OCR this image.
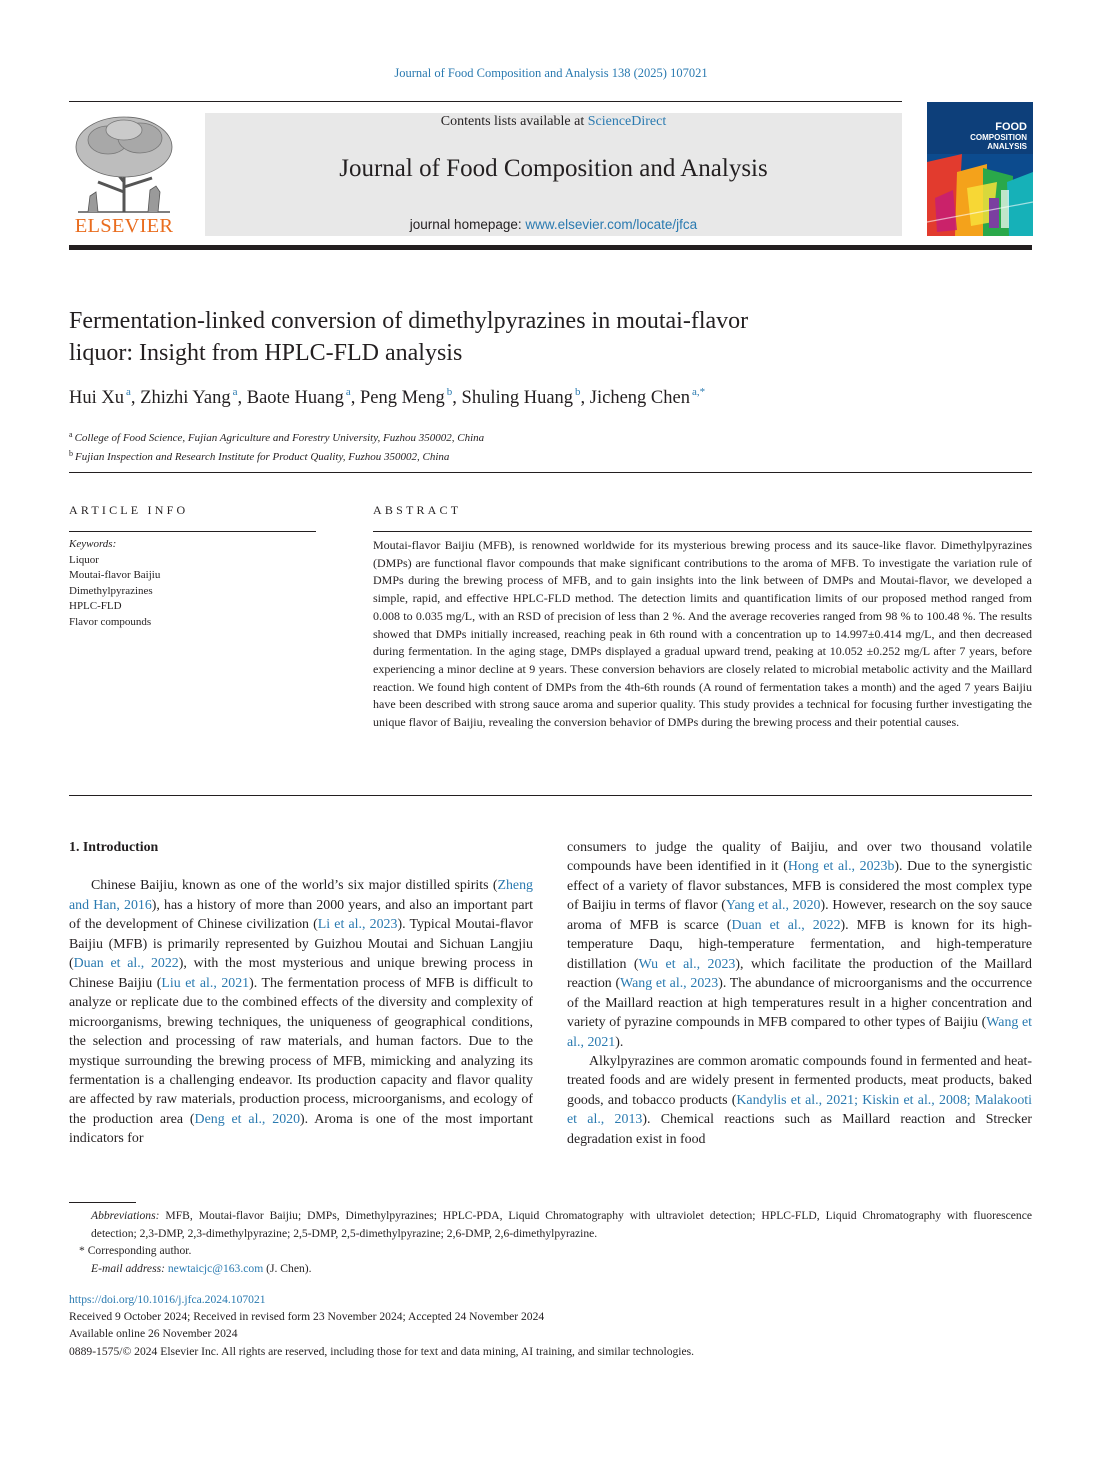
Journal of Food Composition and Analysis 138 (2025) 107021
ELSEVIER
Contents lists available at ScienceDirect
Journal of Food Composition and Analysis
journal homepage: www.elsevier.com/locate/jfca
FOOD
COMPOSITION
ANALYSIS
Fermentation-linked conversion of dimethylpyrazines in moutai-flavor
liquor: Insight from HPLC-FLD analysis
Hui Xu $^a$, Zhizhi Yang $^a$, Baote Huang $^a$, Peng Meng $^b$, Shuling Huang $^b$, Jicheng Chen $^{a,*}$
$^a$ College of Food Science, Fujian Agriculture and Forestry University, Fuzhou 350002, China
$^b$ Fujian Inspection and Research Institute for Product Quality, Fuzhou 350002, China
ARTICLE INFO
Keywords:
Liquor
Moutai-flavor Baijiu
Dimethylpyrazines
HPLC-FLD
Flavor compounds
ABSTRACT
Moutai-flavor Baijiu (MFB), is renowned worldwide for its mysterious brewing process and its sauce-like flavor. Dimethylpyrazines (DMPs) are functional flavor compounds that make significant contributions to the aroma of MFB. To investigate the variation rule of DMPs during the brewing process of MFB, and to gain insights into the link between of DMPs and Moutai-flavor, we developed a simple, rapid, and effective HPLC-FLD method. The detection limits and quantification limits of our proposed method ranged from 0.008 to 0.035 mg/L, with an RSD of precision of less than 2 %. And the average recoveries ranged from 98 % to 100.48 %. The results showed that DMPs initially increased, reaching peak in 6th round with a concentration up to 14.997±0.414 mg/L, and then decreased during fermentation. In the aging stage, DMPs displayed a gradual upward trend, peaking at 10.052 ±0.252 mg/L after 7 years, before experiencing a minor decline at 9 years. These conversion behaviors are closely related to microbial metabolic activity and the Maillard reaction. We found high content of DMPs from the 4th-6th rounds (A round of fermentation takes a month) and the aged 7 years Baijiu have been described with strong sauce aroma and superior quality. This study provides a technical for focusing further investigating the unique flavor of Baijiu, revealing the conversion behavior of DMPs during the brewing process and their potential causes.

1. Introduction

Chinese Baijiu, known as one of the world’s six major distilled spirits (Zheng and Han, 2016), has a history of more than 2000 years, and also an important part of the development of Chinese civilization (Li et al., 2023). Typical Moutai-flavor Baijiu (MFB) is primarily represented by Guizhou Moutai and Sichuan Langjiu (Duan et al., 2022), with the most mysterious and unique brewing process in Chinese Baijiu (Liu et al., 2021). The fermentation process of MFB is difficult to analyze or replicate due to the combined effects of the diversity and complexity of microorganisms, brewing techniques, the uniqueness of geographical conditions, the selection and processing of raw materials, and human factors. Due to the mystique surrounding the brewing process of MFB, mimicking and analyzing its fermentation is a challenging endeavor. Its production capacity and flavor quality are affected by raw materials, production process, microorganisms, and ecology of the production area (Deng et al., 2020). Aroma is one of the most important indicators for

consumers to judge the quality of Baijiu, and over two thousand volatile compounds have been identified in it (Hong et al., 2023b). Due to the synergistic effect of a variety of flavor substances, MFB is considered the most complex type of Baijiu in terms of flavor (Yang et al., 2020). However, research on the soy sauce aroma of MFB is scarce (Duan et al., 2022). MFB is known for its high-temperature Daqu, high-temperature fermentation, and high-temperature distillation (Wu et al., 2023), which facilitate the production of the Maillard reaction (Wang et al., 2023). The abundance of microorganisms and the occurrence of the Maillard reaction at high temperatures result in a higher concentration and variety of pyrazine compounds in MFB compared to other types of Baijiu (Wang et al., 2021).

Alkylpyrazines are common aromatic compounds found in fermented and heat-treated foods and are widely present in fermented products, meat products, baked goods, and tobacco products (Kandylis et al., 2021; Kiskin et al., 2008; Malakooti et al., 2013). Chemical reactions such as Maillard reaction and Strecker degradation exist in food

Abbreviations: MFB, Moutai-flavor Baijiu; DMPs, Dimethylpyrazines; HPLC-PDA, Liquid Chromatography with ultraviolet detection; HPLC-FLD, Liquid Chromatography with fluorescence detection; 2,3-DMP, 2,3-dimethylpyrazine; 2,5-DMP, 2,5-dimethylpyrazine; 2,6-DMP, 2,6-dimethylpyrazine.

* Corresponding author.

E-mail address: newtaicjc@163.com (J. Chen).

https://doi.org/10.1016/j.jfca.2024.107021

Received 9 October 2024; Received in revised form 23 November 2024; Accepted 24 November 2024

Available online 26 November 2024

0889-1575/© 2024 Elsevier Inc. All rights are reserved, including those for text and data mining, AI training, and similar technologies.
